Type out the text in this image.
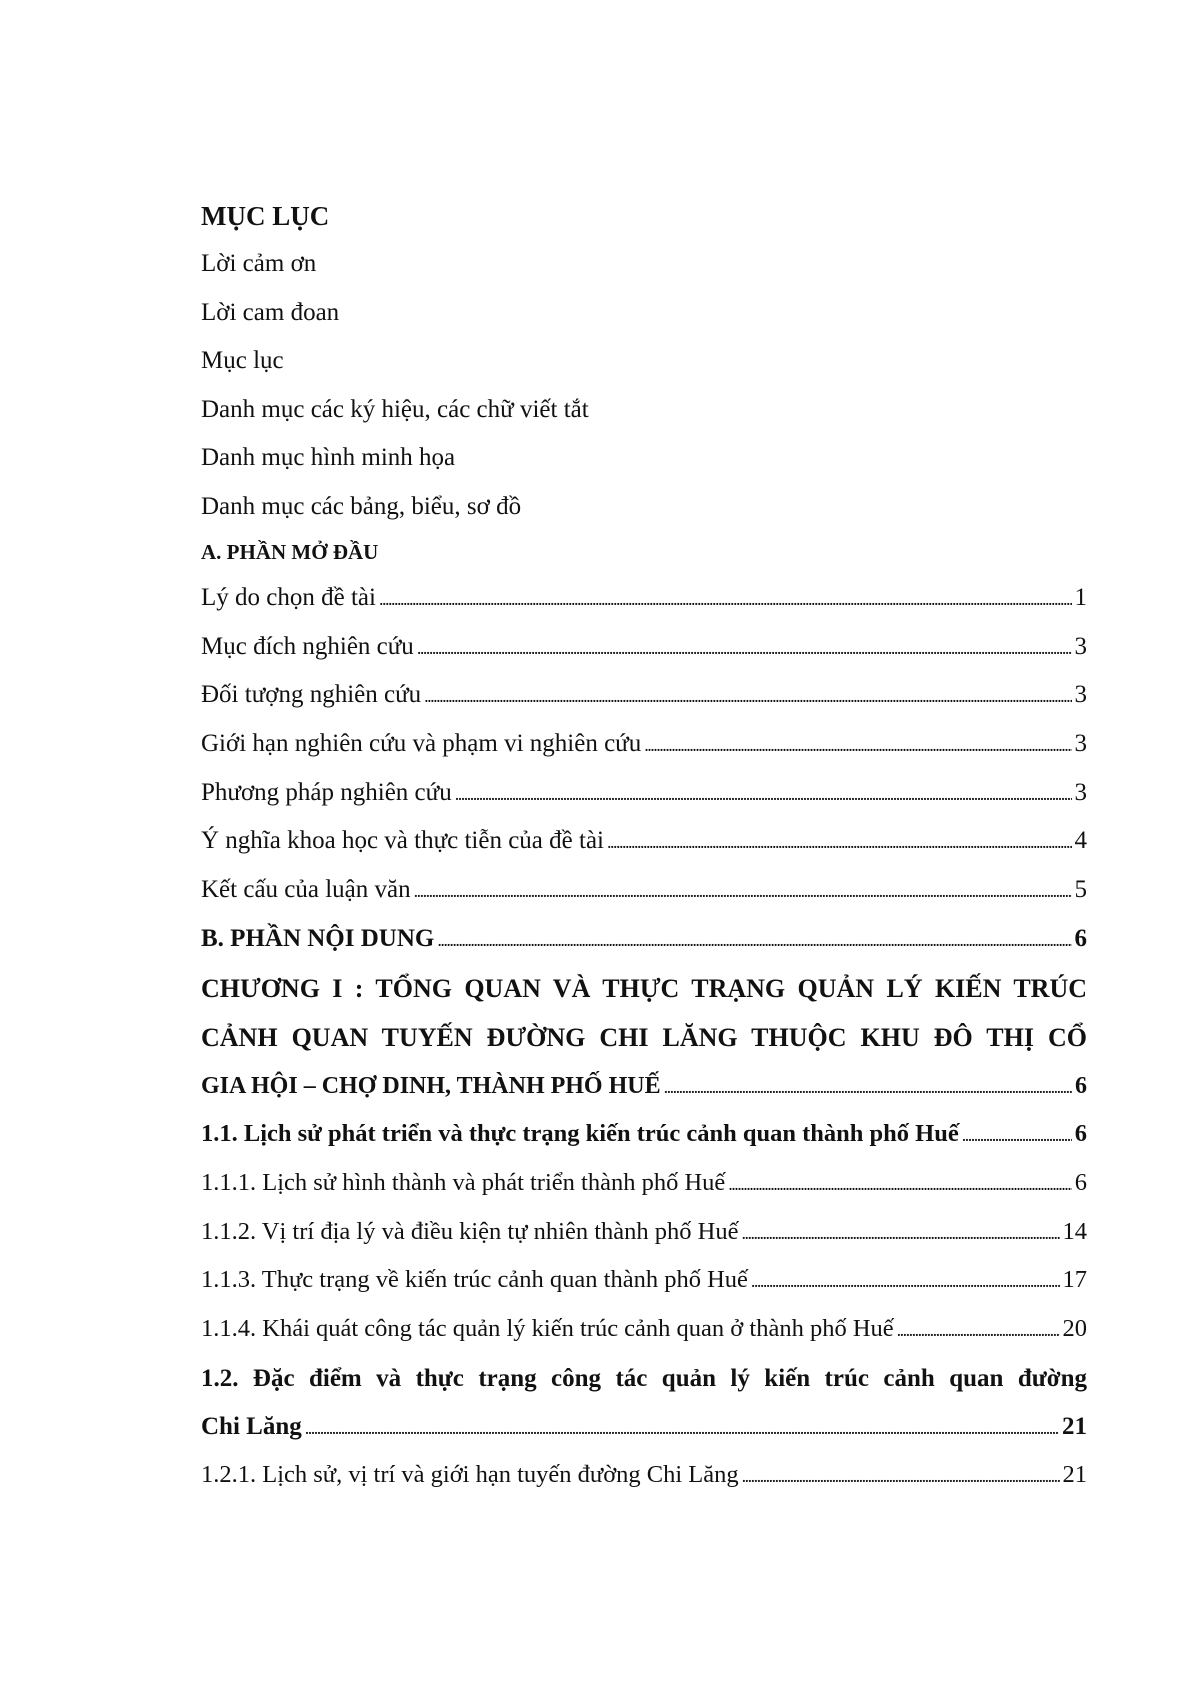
MỤC LỤC
Lời cảm ơn
Lời cam đoan
Mục lục
Danh mục các ký hiệu, các chữ viết tắt
Danh mục hình minh họa
Danh mục các bảng, biểu, sơ đồ
A. PHẦN MỞ ĐẦU
Lý do chọn đề tài . . .	1
Mục đích nghiên cứu . . .	3
Đối tượng nghiên cứu . . .	3
Giới hạn nghiên cứu và phạm vi nghiên cứu . . .	3
Phương pháp nghiên cứu . . .	3
Ý nghĩa khoa học và thực tiễn của đề tài . . .	4
Kết cấu của luận văn . . .	5
B. PHẦN NỘI DUNG . . .	6
CHƯƠNG I : TỔNG QUAN VÀ THỰC TRẠNG QUẢN LÝ KIẾN TRÚC
CẢNH QUAN TUYẾN ĐƯỜNG CHI LĂNG THUỘC KHU ĐÔ THỊ CỔ
GIA HỘI – CHỢ DINH, THÀNH PHỐ HUẾ . . .	6
1.1. Lịch sử phát triển và thực trạng kiến trúc cảnh quan thành phố Huế . . .	6
1.1.1. Lịch sử hình thành và phát triển thành phố Huế . . .	6
1.1.2. Vị trí địa lý và điều kiện tự nhiên thành phố Huế . . .	14
1.1.3. Thực trạng về kiến trúc cảnh quan thành phố Huế . . .	17
1.1.4. Khái quát công tác quản lý kiến trúc cảnh quan ở thành phố Huế . . .	20
1.2. Đặc điểm và thực trạng công tác quản lý kiến trúc cảnh quan đường
Chi Lăng . . .	21
1.2.1. Lịch sử, vị trí và giới hạn tuyến đường Chi Lăng . . .	21
